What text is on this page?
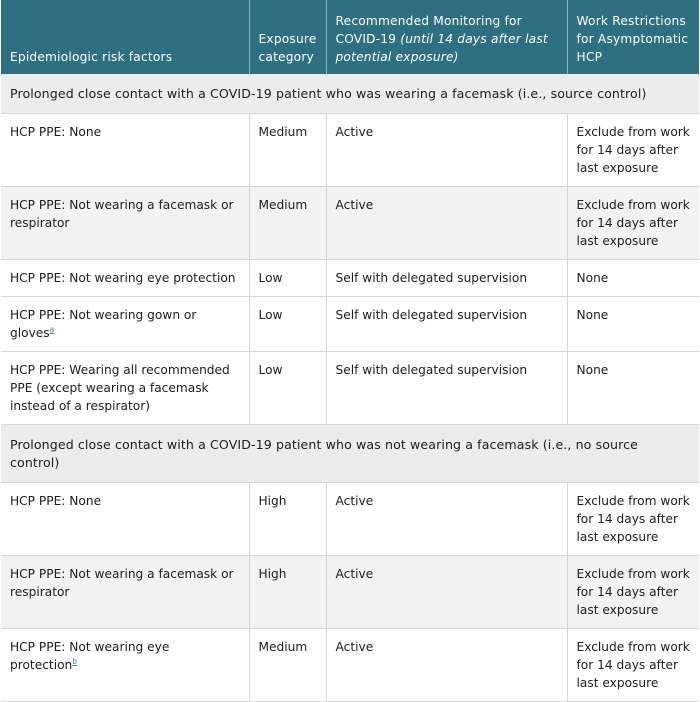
Epidemiologic risk factors	Exposure category	Recommended Monitoring for COVID-19 (until 14 days after last potential exposure)	Work Restrictions for Asymptomatic HCP
Prolonged close contact with a COVID-19 patient who was wearing a facemask (i.e., source control)			
HCP PPE: None	Medium	Active	Exclude from work for 14 days after last exposure
HCP PPE: Not wearing a facemask or respirator	Medium	Active	Exclude from work for 14 days after last exposure
HCP PPE: Not wearing eye protection	Low	Self with delegated supervision	None
HCP PPE: Not wearing gown or gloves$^a$	Low	Self with delegated supervision	None
HCP PPE: Wearing all recommended PPE (except wearing a facemask instead of a respirator)	Low	Self with delegated supervision	None
Prolonged close contact with a COVID-19 patient who was not wearing a facemask (i.e., no source control)			
HCP PPE: None	High	Active	Exclude from work for 14 days after last exposure
HCP PPE: Not wearing a facemask or respirator	High	Active	Exclude from work for 14 days after last exposure
HCP PPE: Not wearing eye protection$^b$	Medium	Active	Exclude from work for 14 days after last exposure
